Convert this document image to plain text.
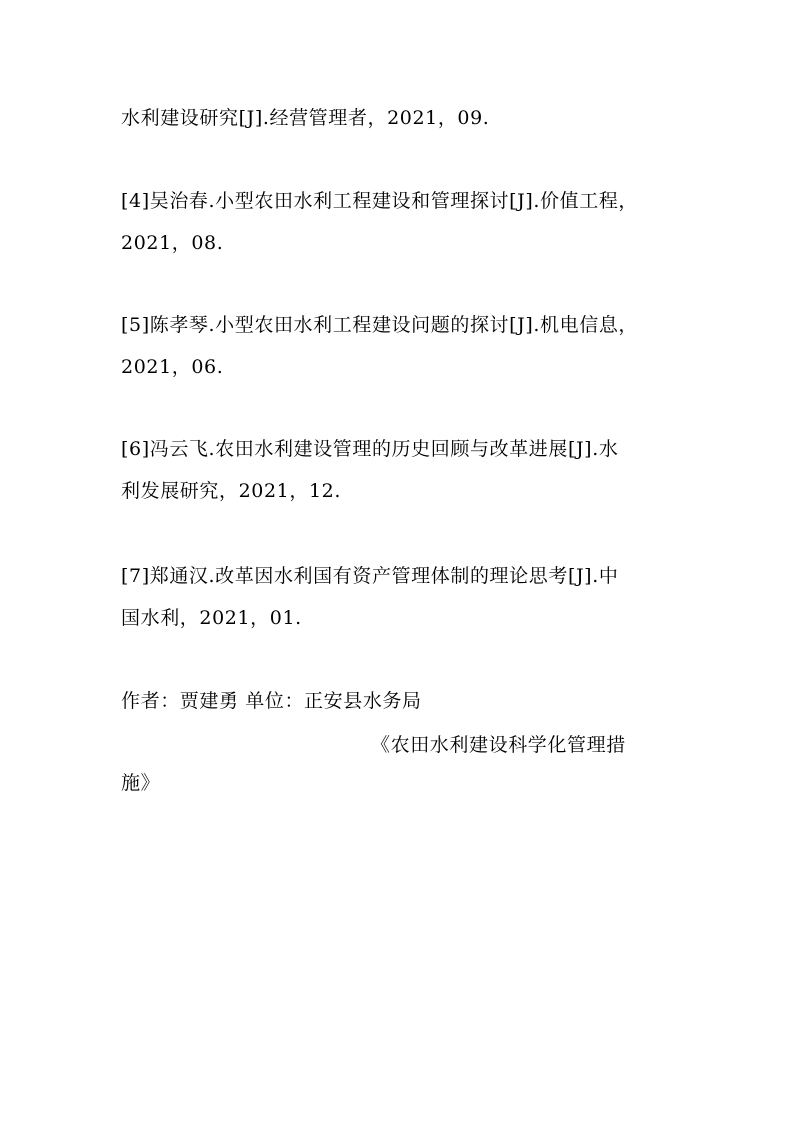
水利建设研究[J].经营管理者，2021，09.
[4]吴治春.小型农田水利工程建设和管理探讨[J].价值工程，
2021，08.
[5]陈孝琴.小型农田水利工程建设问题的探讨[J].机电信息，
2021，06.
[6]冯云飞.农田水利建设管理的历史回顾与改革进展[J].水
利发展研究，2021，12.
[7]郑通汉.改革因水利国有资产管理体制的理论思考[J].中
国水利，2021，01.
作者：贾建勇 单位：正安县水务局
《农田水利建设科学化管理措
施》
